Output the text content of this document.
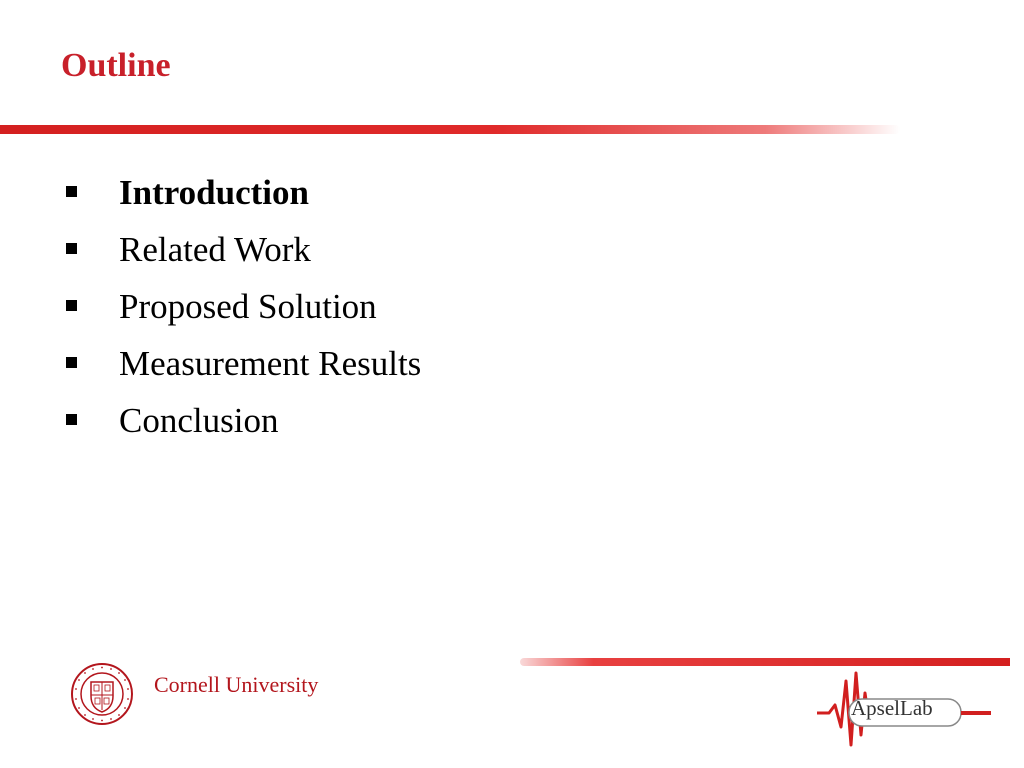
Outline
Introduction
Related Work
Proposed Solution
Measurement Results
Conclusion
Cornell University
ApselLab
